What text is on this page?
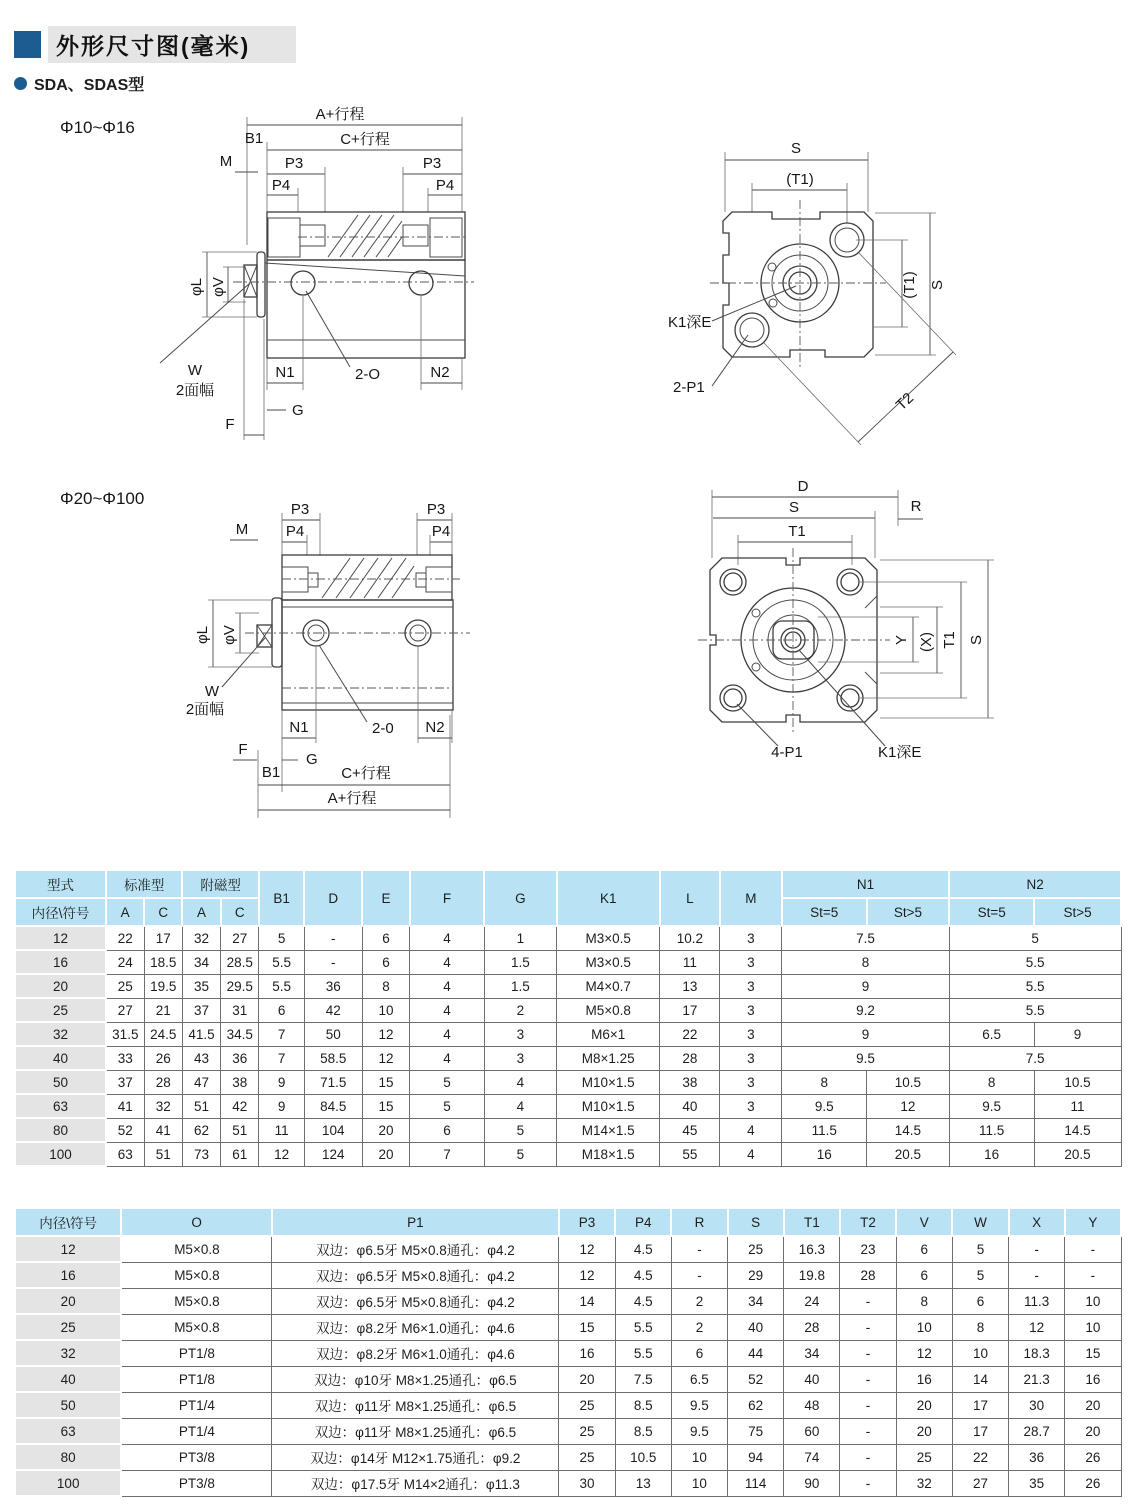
外形尺寸图(毫米)
SDA、SDAS型
Φ10~Φ16
A+行程
C+行程
B1
M	P3	P3
P4	P4
φL φV
W
2面幅
N1	2-O	N2
G
F
S
(T1)
(T1) S
T2
K1深E
2-P1
Φ20~Φ100
P3	P3
M	P4	P4
φL φV
W
2面幅
N1	2-0 N2
F
G
B1	C+行程
A+行程
D
S	R
T1
Y (X) T1 S
4-P1	K1深E
型式	标准型		附磁型		B1	D	E	F	G	K1	L	M	N1		N2	
内径\符号	A	C	A	C									St=5	St>5	St=5	St>5
12	22	17	32	27	5	-	6	4	1	M3×0.5	10.2	3	7.5		5	
16	24	18.5	34	28.5	5.5	-	6	4	1.5	M3×0.5	11	3	8		5.5	
20	25	19.5	35	29.5	5.5	36	8	4	1.5	M4×0.7	13	3	9		5.5	
25	27	21	37	31	6	42	10	4	2	M5×0.8	17	3	9.2		5.5	
32	31.5	24.5	41.5	34.5	7	50	12	4	3	M6×1	22	3	9		6.5	9
40	33	26	43	36	7	58.5	12	4	3	M8×1.25	28	3	9.5		7.5	
50	37	28	47	38	9	71.5	15	5	4	M10×1.5	38	3	8	10.5	8	10.5
63	41	32	51	42	9	84.5	15	5	4	M10×1.5	40	3	9.5	12	9.5	11
80	52	41	62	51	11	104	20	6	5	M14×1.5	45	4	11.5	14.5	11.5	14.5
100	63	51	73	61	12	124	20	7	5	M18×1.5	55	4	16	20.5	16	20.5
内径\符号	O	P1	P3	P4	R	S	T1	T2	V	W	X	Y
12	M5×0.8	双边：φ6.5牙 M5×0.8通孔：φ4.2	12	4.5	-	25	16.3	23	6	5	-	-
16	M5×0.8	双边：φ6.5牙 M5×0.8通孔：φ4.2	12	4.5	-	29	19.8	28	6	5	-	-
20	M5×0.8	双边：φ6.5牙 M5×0.8通孔：φ4.2	14	4.5	2	34	24	-	8	6	11.3	10
25	M5×0.8	双边：φ8.2牙 M6×1.0通孔：φ4.6	15	5.5	2	40	28	-	10	8	12	10
32	PT1/8	双边：φ8.2牙 M6×1.0通孔：φ4.6	16	5.5	6	44	34	-	12	10	18.3	15
40	PT1/8	双边：φ10牙 M8×1.25通孔：φ6.5	20	7.5	6.5	52	40	-	16	14	21.3	16
50	PT1/4	双边：φ11牙 M8×1.25通孔：φ6.5	25	8.5	9.5	62	48	-	20	17	30	20
63	PT1/4	双边：φ11牙 M8×1.25通孔：φ6.5	25	8.5	9.5	75	60	-	20	17	28.7	20
80	PT3/8	双边：φ14牙 M12×1.75通孔：φ9.2	25	10.5	10	94	74	-	25	22	36	26
100	PT3/8	双边：φ17.5牙 M14×2通孔：φ11.3	30	13	10	114	90	-	32	27	35	26
